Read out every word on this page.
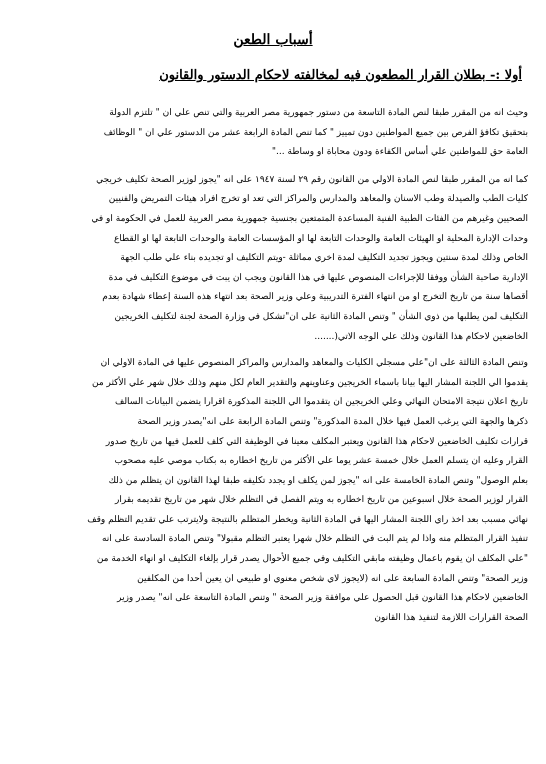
أسباب الطعن
أولا :- بطلان القرار المطعون فيه لمخالفته لاحكام الدستور والقانون

وحيث انه من المقرر طبقا لنص المادة التاسعة من دستور جمهورية مصر العربية والتي تنص علي ان " تلتزم الدولة
بتحقيق تكافؤ الفرص بين جميع المواطنين دون تمييز " كما تنص المادة الرابعة عشر من الدستور علي ان " الوظائف
العامة حق للمواطنين علي أساس الكفاءة ودون محاباة او وساطة ..."

كما انه من المقرر طبقا لنص المادة الاولي من القانون رقم ٢٩ لسنة ١٩٤٧ على انه "يجوز لوزير الصحة تكليف خريجي
كليات الطب والصيدلة وطب الاسنان والمعاهد والمدارس والمراكز التي تعد او تخرج افراد هيئات التمريض والفنيين
الصحيين وغيرهم من الفئات الطبية الفنية المساعدة المتمتعين بجنسية جمهورية مصر العربية للعمل في الحكومة او في
وحدات الإدارة المحلية او الهيئات العامة والوحدات التابعة لها او المؤسسات العامة والوحدات التابعة لها او القطاع
الخاص وذلك لمدة سنتين ويجوز تجديد التكليف لمدة اخري مماثلة -ويتم التكليف او تجديده بناء علي طلب الجهة
الإدارية صاحبة الشأن ووفقا للإجراءات المنصوص عليها في هذا القانون ويجب ان يبت في موضوع التكليف في مدة
أقصاها سنة من تاريخ التخرج او من انتهاء الفترة التدريبية وعلي وزير الصحة بعد انتهاء هذه السنة إعطاء شهادة بعدم
التكليف لمن يطلبها من ذوي الشأن " وتنص المادة الثانية على ان"تشكل في وزارة الصحة لجنة لتكليف الخريجين
الخاضعين لاحكام هذا القانون وذلك علي الوجه الاتي(.......

وتنص المادة الثالثة على ان"علي مسجلي الكليات والمعاهد والمدارس والمراكز المنصوص عليها في المادة الاولي ان
يقدموا الي اللجنة المشار اليها بيانا باسماء الخريجين وعناوينهم والتقدير العام لكل منهم وذلك خلال شهر علي الأكثر من
تاريخ اعلان نتيجة الامتحان النهائي وعلي الخريجين ان يتقدموا الي اللجنة المذكورة اقرارا يتضمن البيانات السالف
ذكرها والجهة التي يرغب العمل فيها خلال المدة المذكورة" وتنص المادة الرابعة على انه"يصدر وزير الصحة
قرارات تكليف الخاضعين لاحكام هذا القانون ويعتبر المكلف معينا في الوظيفة التي كلف للعمل فيها من تاريخ صدور
القرار وعليه ان يتسلم العمل خلال خمسة عشر يوما علي الأكثر من تاريخ اخطاره به بكتاب موصي عليه مصحوب
بعلم الوصول" وتنص المادة الخامسة على انه "يجوز لمن يكلف او يجدد تكليفه طبقا لهذا القانون ان يتظلم من ذلك
القرار لوزير الصحة خلال اسبوعين من تاريخ اخطاره به ويتم الفصل في التظلم خلال شهر من تاريخ تقديمه بقرار
نهائي مسبب بعد اخذ راي اللجنة المشار اليها في المادة الثانية ويخطر المتظلم بالنتيجة ولايترتب علي تقديم التظلم وقف
تنفيذ القرار المتظلم منه واذا لم يتم البت في التظلم خلال شهرا يعتبر التظلم مقبولا" وتنص المادة السادسة على انه
"علي المكلف ان يقوم باعمال وظيفته مابقي التكليف وفي جميع الأحوال يصدر قرار بإلغاء التكليف او انهاء الخدمة من
وزير الصحة" وتنص المادة السابعة على انه (لايجوز لاي شخص معنوي او طبيعي ان يعين أحدا من المكلفين
الخاضعين لاحكام هذا القانون قبل الحصول علي موافقة وزير الصحة " وتنص المادة التاسعة على انه" يصدر وزير
الصحة القرارات اللازمة لتنفيذ هذا القانون
